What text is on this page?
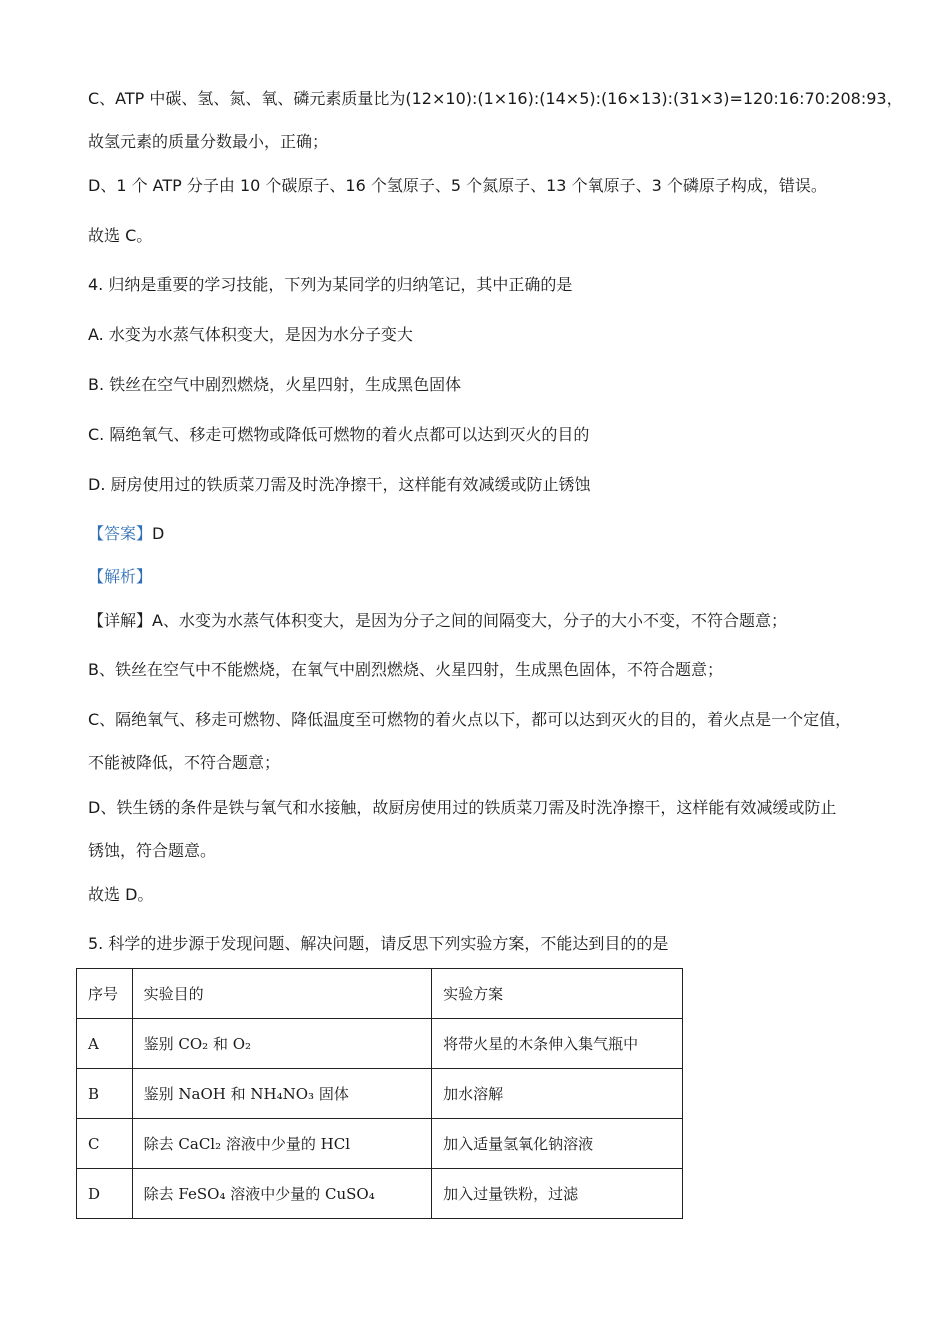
C、ATP 中碳、氢、氮、氧、磷元素质量比为(12×10):(1×16):(14×5):(16×13):(31×3)=120:16:70:208:93，
故氢元素的质量分数最小，正确；
D、1 个 ATP 分子由 10 个碳原子、16 个氢原子、5 个氮原子、13 个氧原子、3 个磷原子构成，错误。
故选 C。
4. 归纳是重要的学习技能，下列为某同学的归纳笔记，其中正确的是
A. 水变为水蒸气体积变大，是因为水分子变大
B. 铁丝在空气中剧烈燃烧，火星四射，生成黑色固体
C. 隔绝氧气、移走可燃物或降低可燃物的着火点都可以达到灭火的目的
D. 厨房使用过的铁质菜刀需及时洗净擦干，这样能有效减缓或防止锈蚀
【答案】D
【解析】
【详解】A、水变为水蒸气体积变大，是因为分子之间的间隔变大，分子的大小不变，不符合题意；
B、铁丝在空气中不能燃烧，在氧气中剧烈燃烧、火星四射，生成黑色固体，不符合题意；
C、隔绝氧气、移走可燃物、降低温度至可燃物的着火点以下，都可以达到灭火的目的，着火点是一个定值，
不能被降低，不符合题意；
D、铁生锈的条件是铁与氧气和水接触，故厨房使用过的铁质菜刀需及时洗净擦干，这样能有效减缓或防止
锈蚀，符合题意。
故选 D。
5. 科学的进步源于发现问题、解决问题，请反思下列实验方案，不能达到目的的是
序号	实验目的	实验方案
A	鉴别 CO₂ 和 O₂	将带火星的木条伸入集气瓶中
B	鉴别 NaOH 和 NH₄NO₃ 固体	加水溶解
C	除去 CaCl₂ 溶液中少量的 HCl	加入适量氢氧化钠溶液
D	除去 FeSO₄ 溶液中少量的 CuSO₄	加入过量铁粉，过滤
